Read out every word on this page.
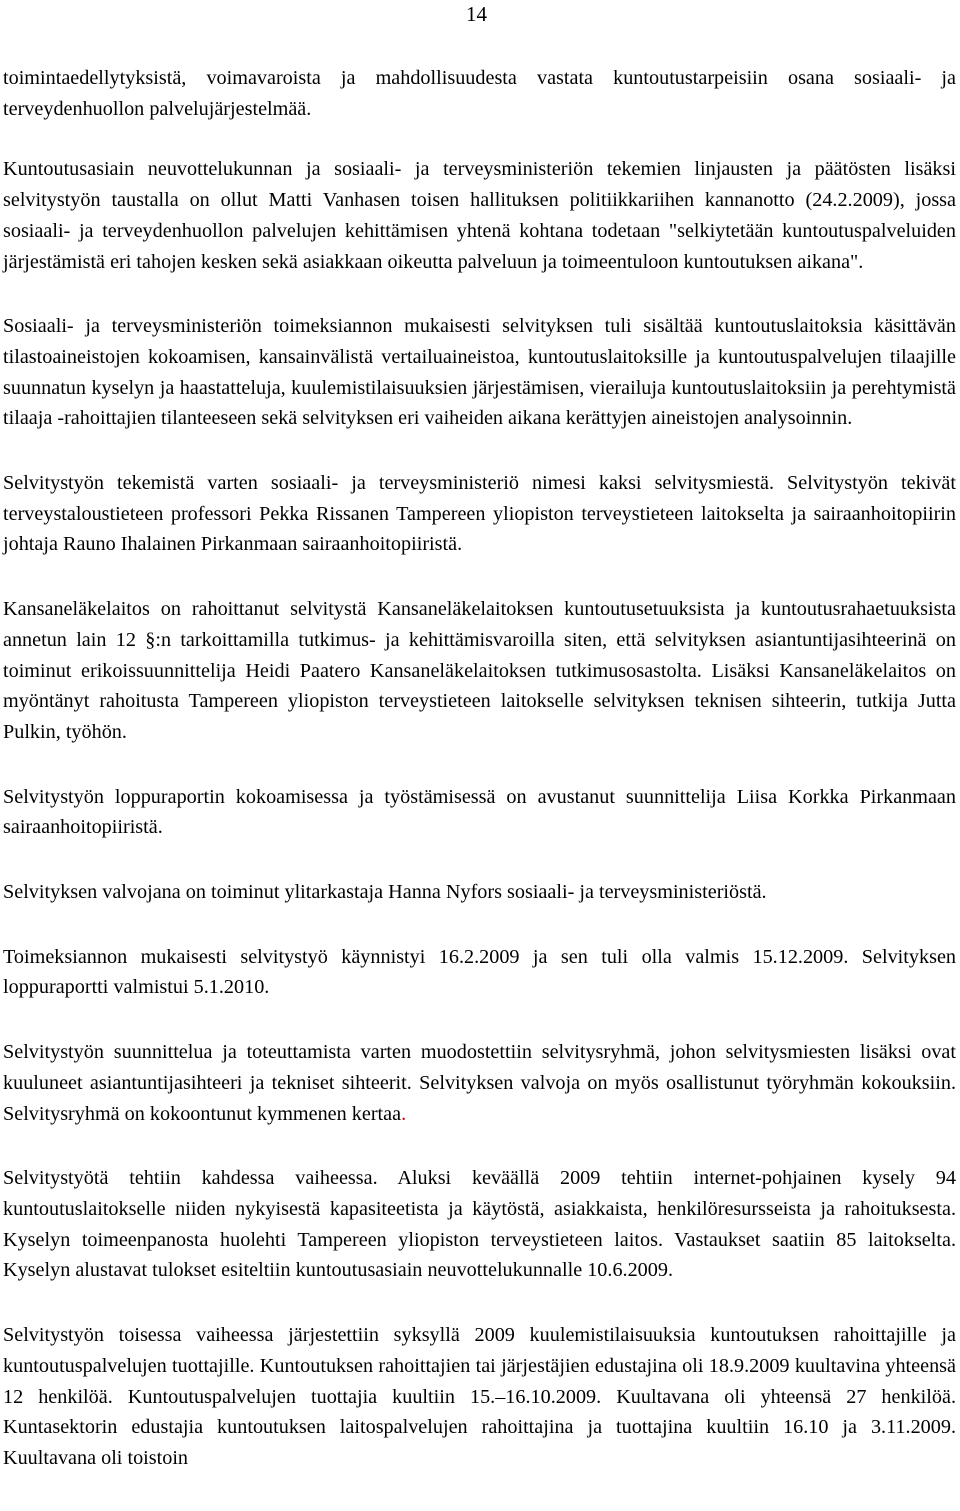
14

toimintaedellytyksistä, voimavaroista ja mahdollisuudesta vastata kuntoutustarpeisiin osana sosiaali- ja terveydenhuollon palvelujärjestelmää.

Kuntoutusasiain neuvottelukunnan ja sosiaali- ja terveysministeriön tekemien linjausten ja päätösten lisäksi selvitystyön taustalla on ollut Matti Vanhasen toisen hallituksen politiikkariihen kannanotto (24.2.2009), jossa sosiaali- ja terveydenhuollon palvelujen kehittämisen yhtenä kohtana todetaan "selkiytetään kuntoutuspalveluiden järjestämistä eri tahojen kesken sekä asiakkaan oikeutta palveluun ja toimeentuloon kuntoutuksen aikana".

Sosiaali- ja terveysministeriön toimeksiannon mukaisesti selvityksen tuli sisältää kuntoutuslaitoksia käsittävän tilastoaineistojen kokoamisen, kansainvälistä vertailuaineistoa, kuntoutuslaitoksille ja kuntoutuspalvelujen tilaajille suunnatun kyselyn ja haastatteluja, kuulemistilaisuuksien järjestämisen, vierailuja kuntoutuslaitoksiin ja perehtymistä tilaaja -rahoittajien tilanteeseen sekä selvityksen eri vaiheiden aikana kerättyjen aineistojen analysoinnin.

Selvitystyön tekemistä varten sosiaali- ja terveysministeriö nimesi kaksi selvitysmiestä. Selvitystyön tekivät terveystaloustieteen professori Pekka Rissanen Tampereen yliopiston terveystieteen laitokselta ja sairaanhoitopiirin johtaja Rauno Ihalainen Pirkanmaan sairaanhoitopiiristä.

Kansaneläkelaitos on rahoittanut selvitystä Kansaneläkelaitoksen kuntoutusetuuksista ja kuntoutusrahaetuuksista annetun lain 12 §:n tarkoittamilla tutkimus- ja kehittämisvaroilla siten, että selvityksen asiantuntijasihteerinä on toiminut erikoissuunnittelija Heidi Paatero Kansaneläkelaitoksen tutkimusosastolta. Lisäksi Kansaneläkelaitos on myöntänyt rahoitusta Tampereen yliopiston terveystieteen laitokselle selvityksen teknisen sihteerin, tutkija Jutta Pulkin, työhön.

Selvitystyön loppuraportin kokoamisessa ja työstämisessä on avustanut suunnittelija Liisa Korkka Pirkanmaan sairaanhoitopiiristä.

Selvityksen valvojana on toiminut ylitarkastaja Hanna Nyfors sosiaali- ja terveysministeriöstä.

Toimeksiannon mukaisesti selvitystyö käynnistyi 16.2.2009 ja sen tuli olla valmis 15.12.2009. Selvityksen loppuraportti valmistui 5.1.2010.

Selvitystyön suunnittelua ja toteuttamista varten muodostettiin selvitysryhmä, johon selvitysmiesten lisäksi ovat kuuluneet asiantuntijasihteeri ja tekniset sihteerit. Selvityksen valvoja on myös osallistunut työryhmän kokouksiin. Selvitysryhmä on kokoontunut kymmenen kertaa.

Selvitystyötä tehtiin kahdessa vaiheessa. Aluksi keväällä 2009 tehtiin internet-pohjainen kysely 94 kuntoutuslaitokselle niiden nykyisestä kapasiteetista ja käytöstä, asiakkaista, henkilöresursseista ja rahoituksesta. Kyselyn toimeenpanosta huolehti Tampereen yliopiston terveystieteen laitos. Vastaukset saatiin 85 laitokselta. Kyselyn alustavat tulokset esiteltiin kuntoutusasiain neuvottelukunnalle 10.6.2009.

Selvitystyön toisessa vaiheessa järjestettiin syksyllä 2009 kuulemistilaisuuksia kuntoutuksen rahoittajille ja kuntoutuspalvelujen tuottajille. Kuntoutuksen rahoittajien tai järjestäjien edustajina oli 18.9.2009 kuultavina yhteensä 12 henkilöä. Kuntoutuspalvelujen tuottajia kuultiin 15.–16.10.2009. Kuultavana oli yhteensä 27 henkilöä. Kuntasektorin edustajia kuntoutuksen laitospalvelujen rahoittajina ja tuottajina kuultiin 16.10 ja 3.11.2009. Kuultavana oli toistoin
